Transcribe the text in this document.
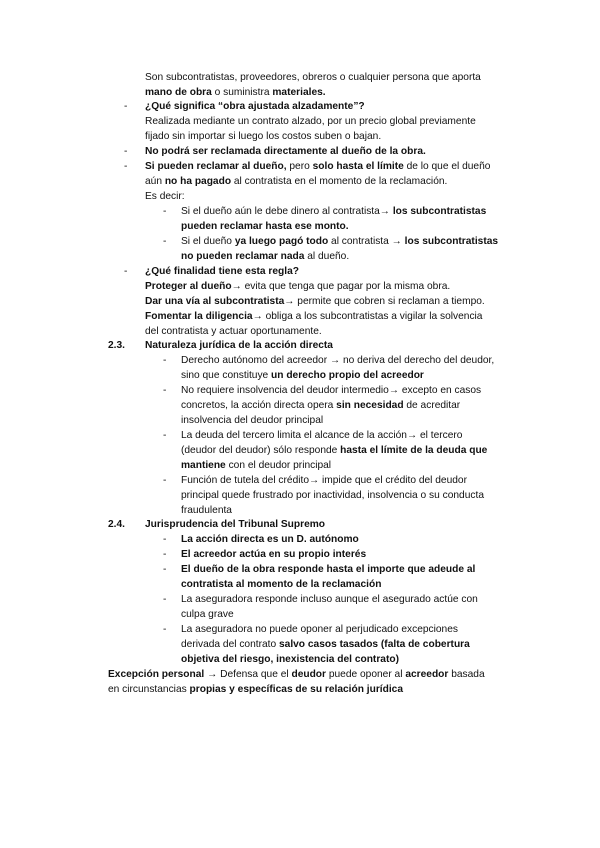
Son subcontratistas, proveedores, obreros o cualquier persona que aporta
mano de obra o suministra materiales.
- ¿Qué significa “obra ajustada alzadamente”?
Realizada mediante un contrato alzado, por un precio global previamente
fijado sin importar si luego los costos suben o bajan.
- No podrá ser reclamada directamente al dueño de la obra.
- Si pueden reclamar al dueño, pero solo hasta el límite de lo que el dueño
aún no ha pagado al contratista en el momento de la reclamación.
Es decir:
- Si el dueño aún le debe dinero al contratista→ los subcontratistas
pueden reclamar hasta ese monto.
- Si el dueño ya luego pagó todo al contratista → los subcontratistas
no pueden reclamar nada al dueño.
- ¿Qué finalidad tiene esta regla?
Proteger al dueño→ evita que tenga que pagar por la misma obra.
Dar una vía al subcontratista→ permite que cobren si reclaman a tiempo.
Fomentar la diligencia→ obliga a los subcontratistas a vigilar la solvencia
del contratista y actuar oportunamente.
2.3. Naturaleza jurídica de la acción directa
- Derecho autónomo del acreedor → no deriva del derecho del deudor,
sino que constituye un derecho propio del acreedor
- No requiere insolvencia del deudor intermedio→ excepto en casos
concretos, la acción directa opera sin necesidad de acreditar
insolvencia del deudor principal
- La deuda del tercero limita el alcance de la acción→ el tercero
(deudor del deudor) sólo responde hasta el límite de la deuda que
mantiene con el deudor principal
- Función de tutela del crédito→ impide que el crédito del deudor
principal quede frustrado por inactividad, insolvencia o su conducta
fraudulenta
2.4. Jurisprudencia del Tribunal Supremo
- La acción directa es un D. autónomo
- El acreedor actúa en su propio interés
- El dueño de la obra responde hasta el importe que adeude al
contratista al momento de la reclamación
- La aseguradora responde incluso aunque el asegurado actúe con
culpa grave
- La aseguradora no puede oponer al perjudicado excepciones
derivada del contrato salvo casos tasados (falta de cobertura
objetiva del riesgo, inexistencia del contrato)
Excepción personal → Defensa que el deudor puede oponer al acreedor basada
en circunstancias propias y específicas de su relación jurídica
